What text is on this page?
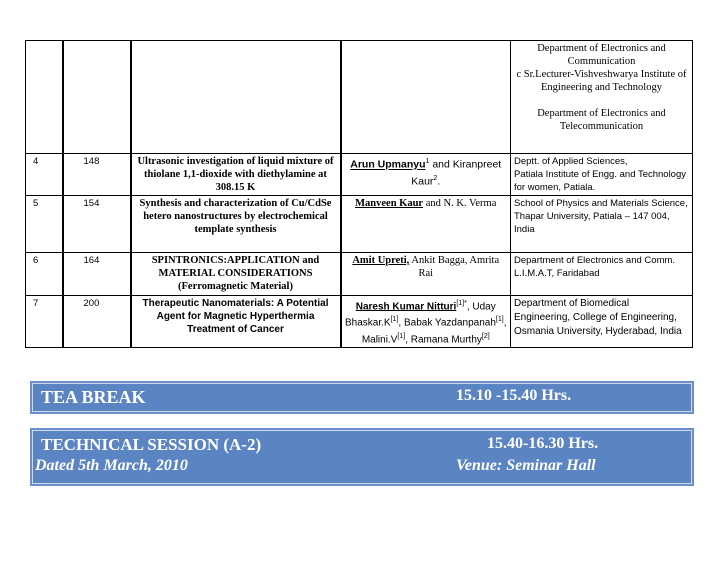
				Department of Electronics and Communication
c Sr.Lecturer-Vishveshwarya Institute of Engineering and Technology
Department of Electronics and Telecommunication

4	148	Ultrasonic investigation of liquid mixture of thiolane 1,1-dioxide with diethylamine at 308.15 K	Arun Upmanyu$^1$ and Kiranpreet Kaur$^2$.	Deptt. of Applied Sciences,
Patiala Institute of Engg. and Technology
for women, Patiala.

5	154	Synthesis and characterization of Cu/CdSe hetero nanostructures by electrochemical template synthesis	Manveen Kaur and N. K. Verma	School of Physics and Materials Science,
Thapar University, Patiala – 147 004,
India

6	164	SPINTRONICS:APPLICATION and MATERIAL CONSIDERATIONS (Ferromagnetic Material)	Amit Upreti, Ankit Bagga, Amrita Rai	Department of Electronics and Comm.
L.I.M.A.T, Faridabad

7	200	Therapeutic Nanomaterials: A Potential Agent for Magnetic Hyperthermia Treatment of Cancer	Naresh Kumar Nitturi$^{[1]*}$, Uday
Bhaskar.K[1], Babak Yazdanpanah[1],
Malini.V[1], Ramana Murthy[2]	Department of Biomedical
Engineering, College of Engineering,
Osmania University, Hyderabad, India
TEA BREAK	15.10 -15.40 Hrs.
TECHNICAL SESSION (A-2)	15.40-16.30 Hrs.
Dated 5th March, 2010	Venue: Seminar Hall
